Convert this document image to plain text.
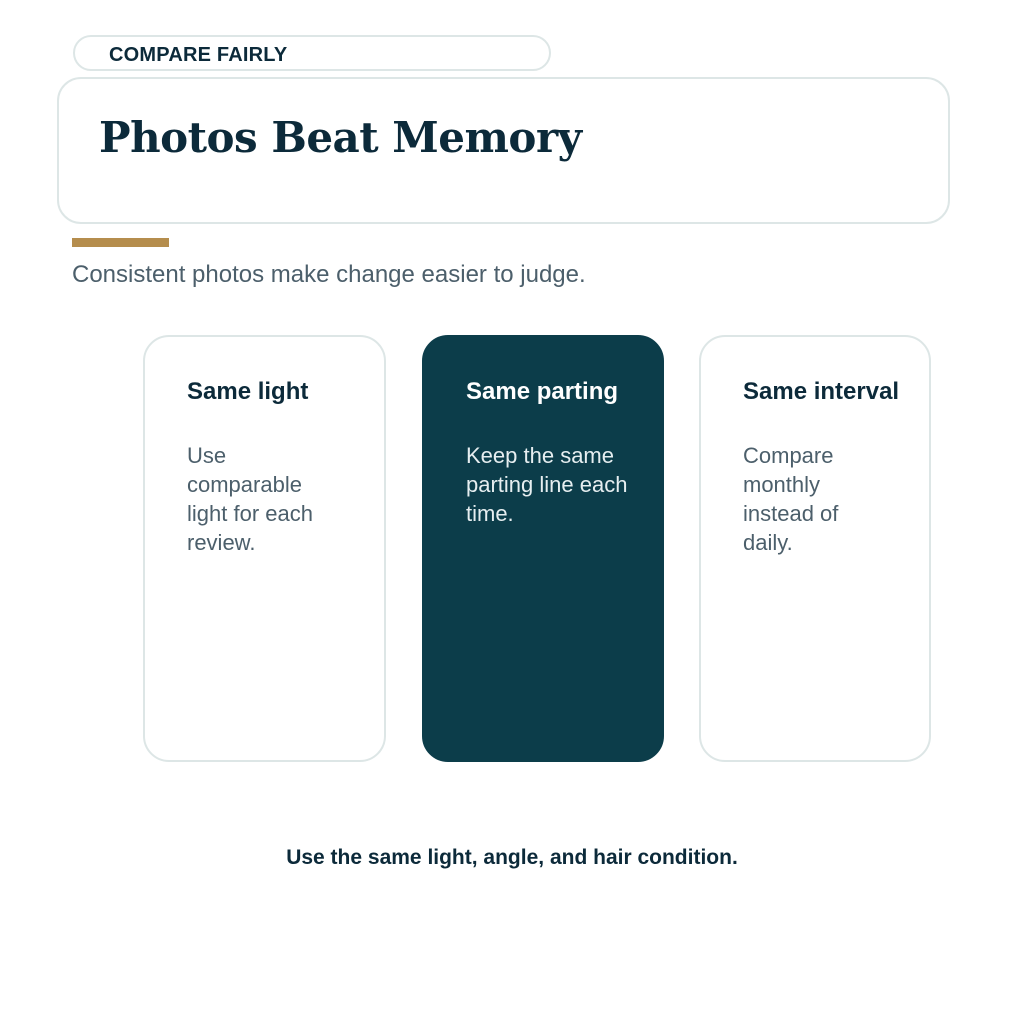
COMPARE FAIRLY
Photos Beat Memory
Consistent photos make change easier to judge.
Same light

Use comparable light for each review.

Same parting

Keep the same parting line each time.

Same interval

Compare monthly instead of daily.

Use the same light, angle, and hair condition.
